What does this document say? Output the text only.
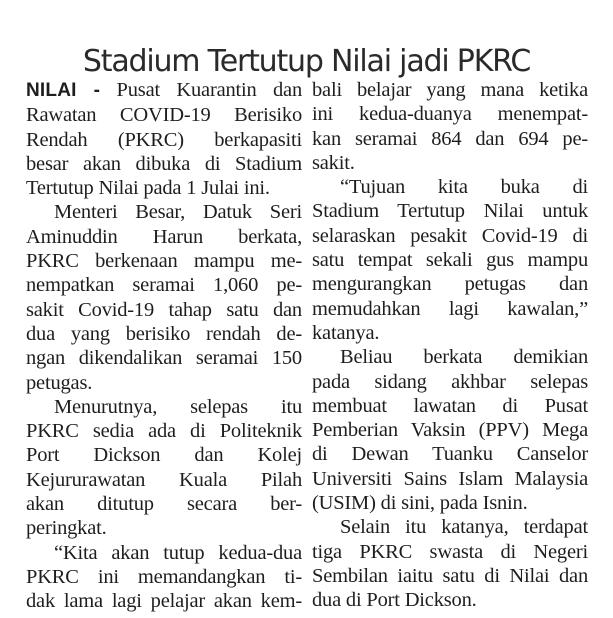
Stadium Tertutup Nilai jadi PKRC
NILAI - Pusat Kuarantin dan
Rawatan COVID-19 Berisiko
Rendah (PKRC) berkapasiti
besar akan dibuka di Stadium
Tertutup Nilai pada 1 Julai ini.
Menteri Besar, Datuk Seri
Aminuddin Harun berkata,
PKRC berkenaan mampu me-
nempatkan seramai 1,060 pe-
sakit Covid-19 tahap satu dan
dua yang berisiko rendah de-
ngan dikendalikan seramai 150
petugas.
Menurutnya, selepas itu
PKRC sedia ada di Politeknik
Port Dickson dan Kolej
Kejururawatan Kuala Pilah
akan ditutup secara ber-
peringkat.
“Kita akan tutup kedua-dua
PKRC ini memandangkan ti-
dak lama lagi pelajar akan kem-
bali belajar yang mana ketika
ini kedua-duanya menempat-
kan seramai 864 dan 694 pe-
sakit.
“Tujuan kita buka di
Stadium Tertutup Nilai untuk
selaraskan pesakit Covid-19 di
satu tempat sekali gus mampu
mengurangkan petugas dan
memudahkan lagi kawalan,”
katanya.
Beliau berkata demikian
pada sidang akhbar selepas
membuat lawatan di Pusat
Pemberian Vaksin (PPV) Mega
di Dewan Tuanku Canselor
Universiti Sains Islam Malaysia
(USIM) di sini, pada Isnin.
Selain itu katanya, terdapat
tiga PKRC swasta di Negeri
Sembilan iaitu satu di Nilai dan
dua di Port Dickson.
